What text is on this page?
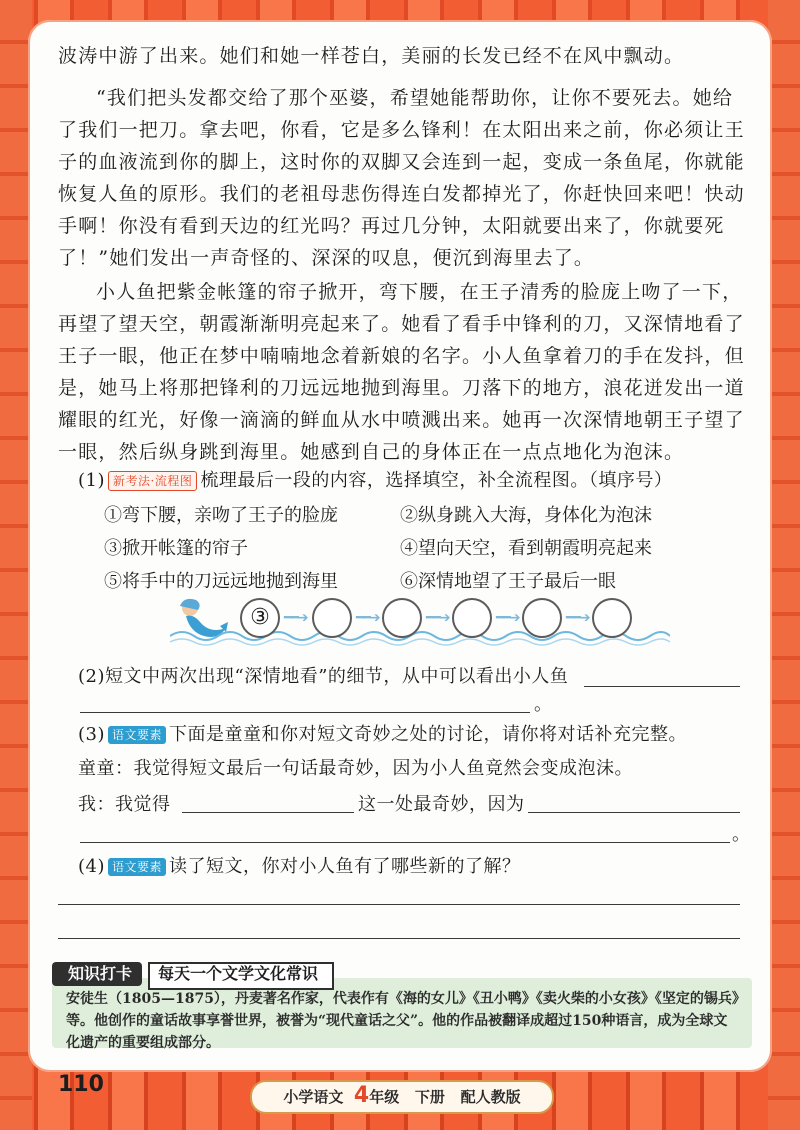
波涛中游了出来。她们和她一样苍白，美丽的长发已经不在风中飘动。

“我们把头发都交给了那个巫婆，希望她能帮助你，让你不要死去。她给了我们一把刀。拿去吧，你看，它是多么锋利！在太阳出来之前，你必须让王子的血液流到你的脚上，这时你的双脚又会连到一起，变成一条鱼尾，你就能恢复人鱼的原形。我们的老祖母悲伤得连白发都掉光了，你赶快回来吧！快动手啊！你没有看到天边的红光吗？再过几分钟，太阳就要出来了，你就要死了！”她们发出一声奇怪的、深深的叹息，便沉到海里去了。

小人鱼把紫金帐篷的帘子掀开，弯下腰，在王子清秀的脸庞上吻了一下，再望了望天空，朝霞渐渐明亮起来了。她看了看手中锋利的刀，又深情地看了王子一眼，他正在梦中喃喃地念着新娘的名字。小人鱼拿着刀的手在发抖，但是，她马上将那把锋利的刀远远地抛到海里。刀落下的地方，浪花迸发出一道耀眼的红光，好像一滴滴的鲜血从水中喷溅出来。她再一次深情地朝王子望了一眼，然后纵身跳到海里。她感到自己的身体正在一点点地化为泡沫。

(1) 新考法·流程图 梳理最后一段的内容，选择填空，补全流程图。（填序号）
①弯下腰，亲吻了王子的脸庞	②纵身跳入大海，身体化为泡沫
③掀开帐篷的帘子	④望向天空，看到朝霞明亮起来
⑤将手中的刀远远地抛到海里	⑥深情地望了王子最后一眼
③	━━➔	━━➔	━━➔	━━➔	━━➔
(2)短文中两次出现“深情地看”的细节，从中可以看出小人鱼
。
(3) 语文要素 下面是童童和你对短文奇妙之处的讨论，请你将对话补充完整。
童童：我觉得短文最后一句话最奇妙，因为小人鱼竟然会变成泡沫。
我：我觉得	这一处最奇妙，因为
。
(4) 语文要素 读了短文，你对小人鱼有了哪些新的了解？
安徒生（1805—1875），丹麦著名作家，代表作有《海的女儿》《丑小鸭》《卖火柴的小女孩》《坚定的锡兵》等。他创作的童话故事享誉世界，被誉为“现代童话之父”。他的作品被翻译成超过150种语言，成为全球文化遗产的重要组成部分。
知识打卡	每天一个文学文化常识
110	小学语文 4年级 下册 配人教版
